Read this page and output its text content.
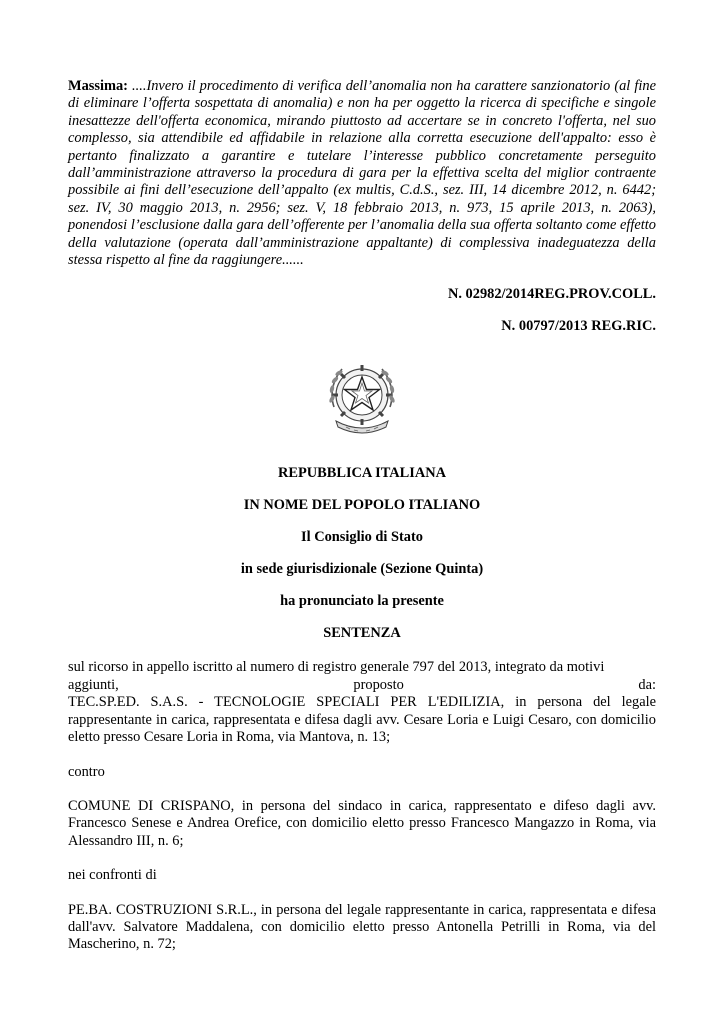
Massima: ....Invero il procedimento di verifica dell’anomalia non ha carattere sanzionatorio (al fine di eliminare l’offerta sospettata di anomalia) e non ha per oggetto la ricerca di specifiche e singole inesattezze dell'offerta economica, mirando piuttosto ad accertare se in concreto l'offerta, nel suo complesso, sia attendibile ed affidabile in relazione alla corretta esecuzione dell'appalto: esso è pertanto finalizzato a garantire e tutelare l’interesse pubblico concretamente perseguito dall’amministrazione attraverso la procedura di gara per la effettiva scelta del miglior contraente possibile ai fini dell’esecuzione dell’appalto (ex multis, C.d.S., sez. III, 14 dicembre 2012, n. 6442; sez. IV, 30 maggio 2013, n. 2956; sez. V, 18 febbraio 2013, n. 973, 15 aprile 2013, n. 2063), ponendosi l’esclusione dalla gara dell’offerente per l’anomalia della sua offerta soltanto come effetto della valutazione (operata dall’amministrazione appaltante) di complessiva inadeguatezza della stessa rispetto al fine da raggiungere......

N. 02982/2014REG.PROV.COLL.

N. 00797/2013 REG.RIC.

REPUBBLICA ITALIANA

IN NOME DEL POPOLO ITALIANO

Il Consiglio di Stato

in sede giurisdizionale (Sezione Quinta)

ha pronunciato la presente

SENTENZA

sul ricorso in appello iscritto al numero di registro generale 797 del 2013, integrato da motivi
aggiunti,	proposto	da:

TEC.SP.ED. S.A.S. - TECNOLOGIE SPECIALI PER L'EDILIZIA, in persona del legale rappresentante in carica, rappresentata e difesa dagli avv. Cesare Loria e Luigi Cesaro, con domicilio eletto presso Cesare Loria in Roma, via Mantova, n. 13;

contro

COMUNE DI CRISPANO, in persona del sindaco in carica, rappresentato e difeso dagli avv. Francesco Senese e Andrea Orefice, con domicilio eletto presso Francesco Mangazzo in Roma, via Alessandro III, n. 6;

nei confronti di

PE.BA. COSTRUZIONI S.R.L., in persona del legale rappresentante in carica, rappresentata e difesa dall'avv. Salvatore Maddalena, con domicilio eletto presso Antonella Petrilli in Roma, via del Mascherino, n. 72;
